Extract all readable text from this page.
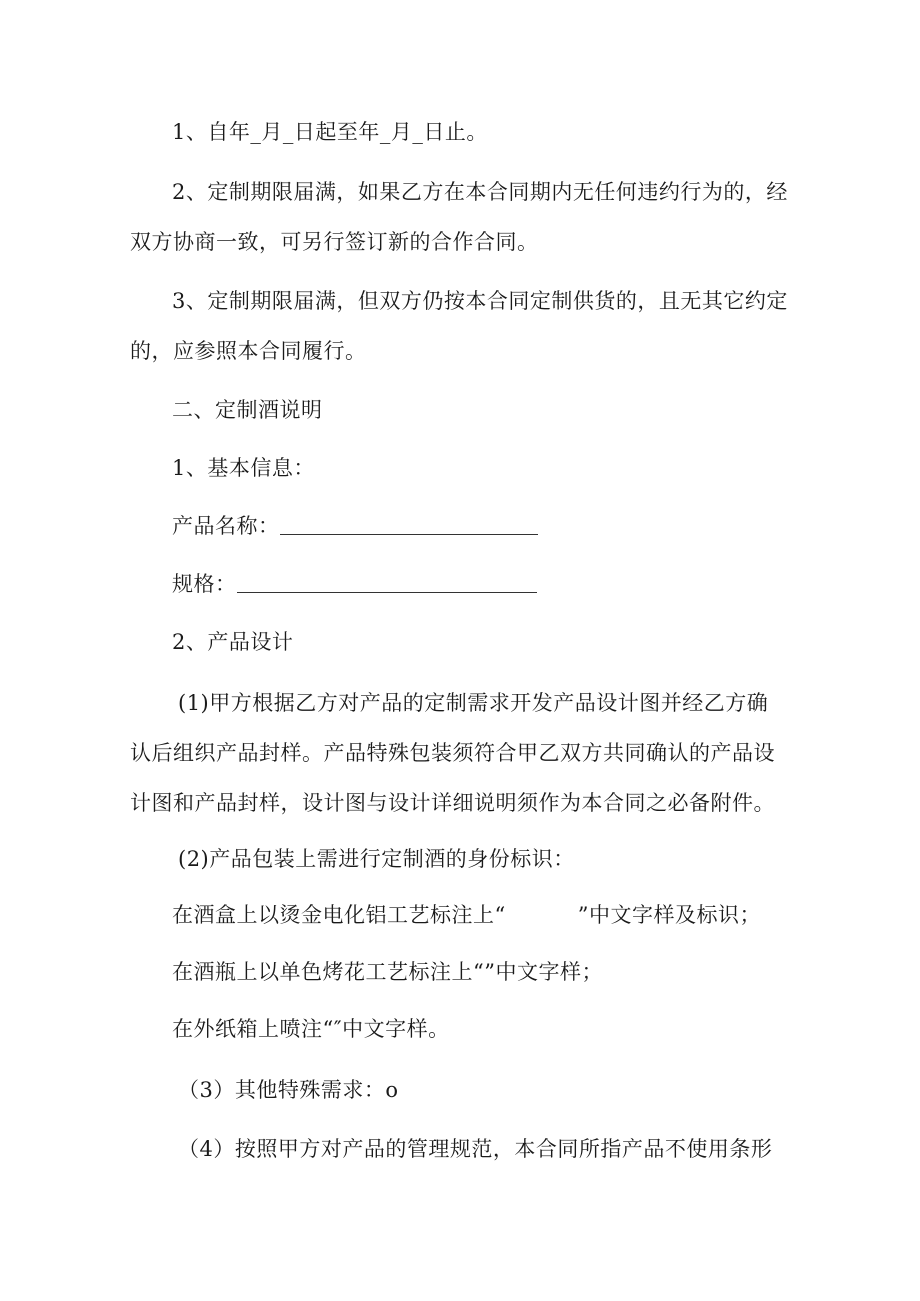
1、自年_月_日起至年_月_日止。
2、定制期限届满，如果乙方在本合同期内无任何违约行为的，经
双方协商一致，可另行签订新的合作合同。
3、定制期限届满，但双方仍按本合同定制供货的，且无其它约定
的，应参照本合同履行。
二、定制酒说明
1、基本信息：
产品名称：
规格：
2、产品设计
(1)甲方根据乙方对产品的定制需求开发产品设计图并经乙方确
认后组织产品封样。产品特殊包装须符合甲乙双方共同确认的产品设
计图和产品封样，设计图与设计详细说明须作为本合同之必备附件。
(2)产品包装上需进行定制酒的身份标识：
在酒盒上以烫金电化铝工艺标注上“	”中文字样及标识；
在酒瓶上以单色烤花工艺标注上“”中文字样；
在外纸箱上喷注“″中文字样。
（3）其他特殊需求：o
（4）按照甲方对产品的管理规范，本合同所指产品不使用条形
